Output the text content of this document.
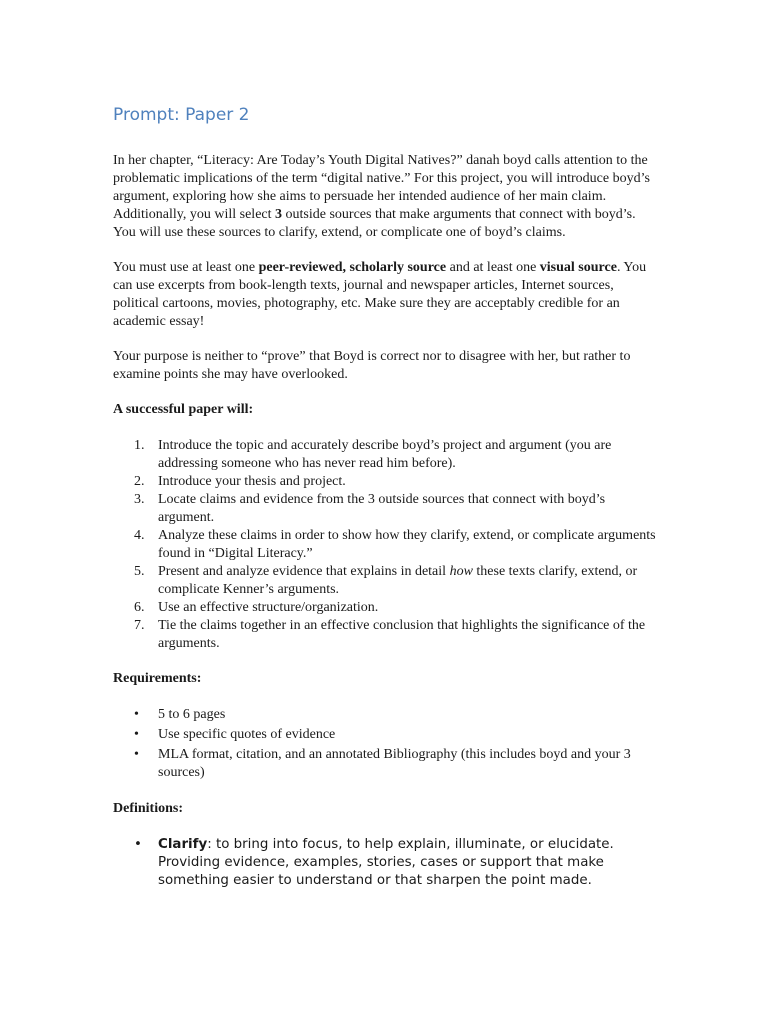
Prompt: Paper 2

In her chapter, “Literacy: Are Today’s Youth Digital Natives?” danah boyd calls attention to the problematic implications of the term “digital native.” For this project, you will introduce boyd’s argument, exploring how she aims to persuade her intended audience of her main claim. Additionally, you will select 3 outside sources that make arguments that connect with boyd’s. You will use these sources to clarify, extend, or complicate one of boyd’s claims.

You must use at least one peer-reviewed, scholarly source and at least one visual source. You can use excerpts from book-length texts, journal and newspaper articles, Internet sources, political cartoons, movies, photography, etc. Make sure they are acceptably credible for an academic essay!

Your purpose is neither to “prove” that Boyd is correct nor to disagree with her, but rather to examine points she may have overlooked.

A successful paper will:
1. Introduce the topic and accurately describe boyd’s project and argument (you are addressing someone who has never read him before).
2. Introduce your thesis and project.
3. Locate claims and evidence from the 3 outside sources that connect with boyd’s argument.
4. Analyze these claims in order to show how they clarify, extend, or complicate arguments found in “Digital Literacy.”
5. Present and analyze evidence that explains in detail how these texts clarify, extend, or complicate Kenner’s arguments.
6. Use an effective structure/organization.
7. Tie the claims together in an effective conclusion that highlights the significance of the arguments.
Requirements:
• 5 to 6 pages
• Use specific quotes of evidence
• MLA format, citation, and an annotated Bibliography (this includes boyd and your 3 sources)
Definitions:
• Clarify: to bring into focus, to help explain, illuminate, or elucidate. Providing evidence, examples, stories, cases or support that make something easier to understand or that sharpen the point made.
